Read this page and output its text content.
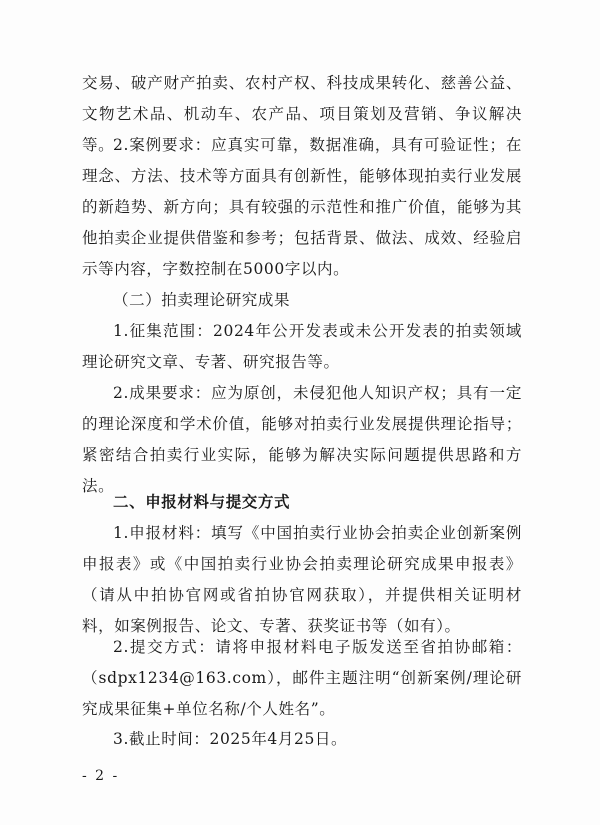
交易、破产财产拍卖、农村产权、科技成果转化、慈善公益、文物艺术品、机动车、农产品、项目策划及营销、争议解决等。

2.案例要求：应真实可靠，数据准确，具有可验证性；在理念、方法、技术等方面具有创新性，能够体现拍卖行业发展的新趋势、新方向；具有较强的示范性和推广价值，能够为其他拍卖企业提供借鉴和参考；包括背景、做法、成效、经验启示等内容，字数控制在5000字以内。

（二）拍卖理论研究成果

1.征集范围：2024年公开发表或未公开发表的拍卖领域理论研究文章、专著、研究报告等。

2.成果要求：应为原创，未侵犯他人知识产权；具有一定的理论深度和学术价值，能够对拍卖行业发展提供理论指导；紧密结合拍卖行业实际，能够为解决实际问题提供思路和方法。

二、申报材料与提交方式

1.申报材料：填写《中国拍卖行业协会拍卖企业创新案例申报表》或《中国拍卖行业协会拍卖理论研究成果申报表》（请从中拍协官网或省拍协官网获取），并提供相关证明材料，如案例报告、论文、专著、获奖证书等（如有）。

2.提交方式：请将申报材料电子版发送至省拍协邮箱：（sdpx1234@163.com），邮件主题注明“创新案例/理论研究成果征集+单位名称/个人姓名”。

3.截止时间：2025年4月25日。

- 2 -
